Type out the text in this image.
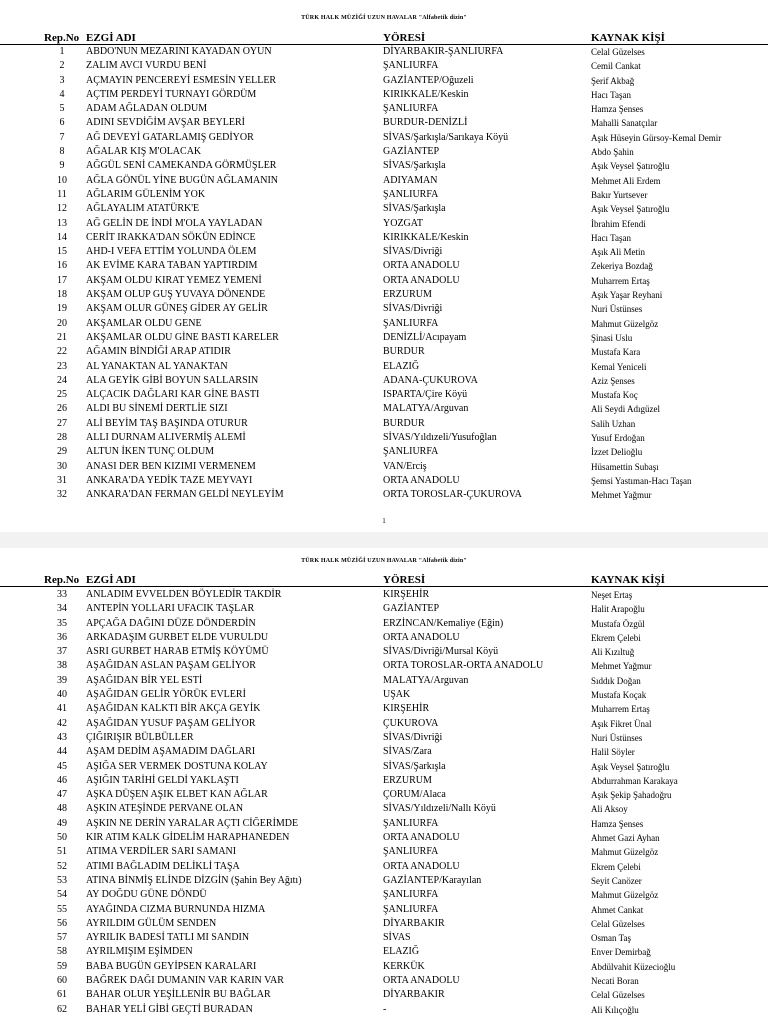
TÜRK HALK MÜZİĞİ UZUN HAVALAR "Alfabetik dizin"
Rep.No EZGİ ADI	YÖRESİ	KAYNAK KİŞİ
1	ABDO'NUN MEZARINI KAYADAN OYUN	DİYARBAKIR-ŞANLIURFA	Celal Güzelses
2	ZALIM AVCI VURDU BENİ	ŞANLIURFA	Cemil Cankat
3	AÇMAYIN PENCEREYİ ESMESİN YELLER	GAZİANTEP/Oğuzeli	Şerif Akbağ
4	AÇTIM PERDEYİ TURNAYI GÖRDÜM	KIRIKKALE/Keskin	Hacı Taşan
5	ADAM AĞLADAN OLDUM	ŞANLIURFA	Hamza Şenses
6	ADINI SEVDİĞİM AVŞAR BEYLERİ	BURDUR-DENİZLİ	Mahalli Sanatçılar
7	AĞ DEVEYİ GATARLAMIŞ GEDİYOR	SİVAS/Şarkışla/Sarıkaya Köyü	Aşık Hüseyin Gürsoy-Kemal Demir
8	AĞALAR KIŞ M'OLACAK	GAZİANTEP	Abdo Şahin
9	AĞGÜL SENİ CAMEKANDA GÖRMÜŞLER	SİVAS/Şarkışla	Aşık Veysel Şatıroğlu
10	AĞLA GÖNÜL YİNE BUGÜN AĞLAMANIN	ADIYAMAN	Mehmet Ali Erdem
11	AĞLARIM GÜLENİM YOK	ŞANLIURFA	Bakır Yurtsever
12	AĞLAYALIM ATATÜRK'E	SİVAS/Şarkışla	Aşık Veysel Şatıroğlu
13	AĞ GELİN DE İNDİ M'OLA YAYLADAN	YOZGAT	İbrahim Efendi
14	CERİT IRAKKA'DAN SÖKÜN EDİNCE	KIRIKKALE/Keskin	Hacı Taşan
15	AHD-I VEFA ETTİM YOLUNDA ÖLEM	SİVAS/Divriği	Aşık Ali Metin
16	AK EVİME KARA TABAN YAPTIRDIM	ORTA ANADOLU	Zekeriya Bozdağ
17	AKŞAM OLDU KIRAT YEMEZ YEMENİ	ORTA ANADOLU	Muharrem Ertaş
18	AKŞAM OLUP GUŞ YUVAYA DÖNENDE	ERZURUM	Aşık Yaşar Reyhani
19	AKŞAM OLUR GÜNEŞ GİDER AY GELİR	SİVAS/Divriği	Nuri Üstünses
20	AKŞAMLAR OLDU GENE	ŞANLIURFA	Mahmut Güzelgöz
21	AKŞAMLAR OLDU GİNE BASTI KARELER	DENİZLİ/Acıpayam	Şinasi Uslu
22	AĞAMIN BİNDİĞİ ARAP ATIDIR	BURDUR	Mustafa Kara
23	AL YANAKTAN AL YANAKTAN	ELAZIĞ	Kemal Yeniceli
24	ALA GEYİK GİBİ BOYUN SALLARSIN	ADANA-ÇUKUROVA	Aziz Şenses
25	ALÇACIK DAĞLARI KAR GİNE BASTI	ISPARTA/Çire Köyü	Mustafa Koç
26	ALDI BU SİNEMİ DERTLİE SIZI	MALATYA/Arguvan	Ali Seydi Adıgüzel
27	ALİ BEYİM TAŞ BAŞINDA OTURUR	BURDUR	Salih Uzhan
28	ALLI DURNAM ALIVERMİŞ ALEMİ	SİVAS/Yıldızeli/Yusufoğlan	Yusuf Erdoğan
29	ALTUN İKEN TUNÇ OLDUM	ŞANLIURFA	İzzet Delioğlu
30	ANASI DER BEN KIZIMI VERMENEM	VAN/Erciş	Hüsamettin Subaşı
31	ANKARA'DA YEDİK TAZE MEYVAYI	ORTA ANADOLU	Şemsi Yastıman-Hacı Taşan
32	ANKARA'DAN FERMAN GELDİ NEYLEYİM	ORTA TOROSLAR-ÇUKUROVA	Mehmet Yağmur
1
TÜRK HALK MÜZİĞİ UZUN HAVALAR "Alfabetik dizin"
Rep.No EZGİ ADI	YÖRESİ	KAYNAK KİŞİ
33	ANLADIM EVVELDEN BÖYLEDİR TAKDİR	KIRŞEHİR	Neşet Ertaş
34	ANTEPİN YOLLARI UFACIK TAŞLAR	GAZİANTEP	Halit Arapoğlu
35	APÇAĞA DAĞINI DÜZE DÖNDERDİN	ERZİNCAN/Kemaliye (Eğin)	Mustafa Özgül
36	ARKADAŞIM GURBET ELDE VURULDU	ORTA ANADOLU	Ekrem Çelebi
37	ASRI GURBET HARAB ETMİŞ KÖYÜMÜ	SİVAS/Divriği/Mursal Köyü	Ali Kızıltuğ
38	AŞAĞIDAN ASLAN PAŞAM GELİYOR	ORTA TOROSLAR-ORTA ANADOLU	Mehmet Yağmur
39	AŞAĞIDAN BİR YEL ESTİ	MALATYA/Arguvan	Sıddık Doğan
40	AŞAĞIDAN GELİR YÖRÜK EVLERİ	UŞAK	Mustafa Koçak
41	AŞAĞIDAN KALKTI BİR AKÇA GEYİK	KIRŞEHİR	Muharrem Ertaş
42	AŞAĞIDAN YUSUF PAŞAM GELİYOR	ÇUKUROVA	Aşık Fikret Ünal
43	ÇIĞIRIŞIR BÜLBÜLLER	SİVAS/Divriği	Nuri Üstünses
44	AŞAM DEDİM AŞAMADIM DAĞLARI	SİVAS/Zara	Halil Söyler
45	AŞIĞA SER VERMEK DOSTUNA KOLAY	SİVAS/Şarkışla	Aşık Veysel Şatıroğlu
46	AŞIĞIN TARİHİ GELDİ YAKLAŞTI	ERZURUM	Abdurrahman Karakaya
47	AŞKA DÜŞEN AŞIK ELBET KAN AĞLAR	ÇORUM/Alaca	Aşık Şekip Şahadoğru
48	AŞKIN ATEŞİNDE PERVANE OLAN	SİVAS/Yıldızeli/Nallı Köyü	Ali Aksoy
49	AŞKIN NE DERİN YARALAR AÇTI CİĞERİMDE	ŞANLIURFA	Hamza Şenses
50	KIR ATIM KALK GİDELİM HARAPHANEDEN	ORTA ANADOLU	Ahmet Gazi Ayhan
51	ATIMA VERDİLER SARI SAMANI	ŞANLIURFA	Mahmut Güzelgöz
52	ATIMI BAĞLADIM DELİKLİ TAŞA	ORTA ANADOLU	Ekrem Çelebi
53	ATINA BİNMİŞ ELİNDE DİZGİN (Şahin Bey Ağıtı)	GAZİANTEP/Karayılan	Seyit Canözer
54	AY DOĞDU GÜNE DÖNDÜ	ŞANLIURFA	Mahmut Güzelgöz
55	AYAĞINDA CIZMA BURNUNDA HIZMA	ŞANLIURFA	Ahmet Cankat
56	AYRILDIM GÜLÜM SENDEN	DİYARBAKIR	Celal Güzelses
57	AYRILIK BADESİ TATLI MI SANDIN	SİVAS	Osman Taş
58	AYRILMIŞIM EŞİMDEN	ELAZIĞ	Enver Demirbağ
59	BABA BUGÜN GEYİPSEN KARALARI	KERKÜK	Abdülvahit Küzecioğlu
60	BAĞREK DAĞI DUMANIN VAR KARIN VAR	ORTA ANADOLU	Necati Boran
61	BAHAR OLUR YEŞİLLENİR BU BAĞLAR	DİYARBAKIR	Celal Güzelses
62	BAHAR YELİ GİBİ GEÇTİ BURADAN	-	Ali Kılıçoğlu
